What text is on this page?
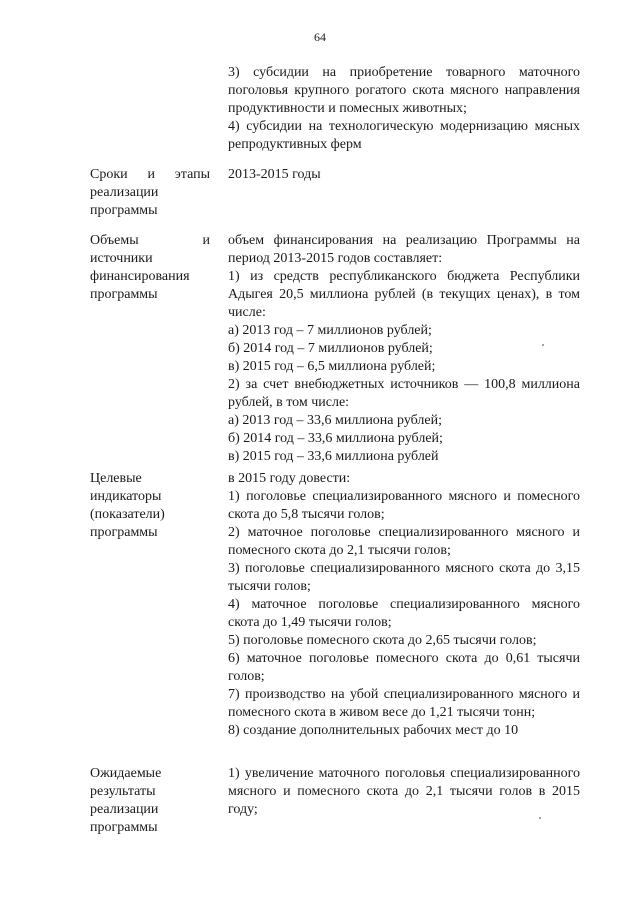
64

3) субсидии на приобретение товарного маточного поголовья крупного рогатого скота мясного направления продуктивности и помесных животных;

4) субсидии на технологическую модернизацию мясных репродуктивных ферм

Сроки и этапы реализации программы

2013-2015 годы

Объемы и источники финансирования программы

объем финансирования на реализацию Программы на период 2013-2015 годов составляет:

1) из средств республиканского бюджета Республики Адыгея 20,5 миллиона рублей (в текущих ценах), в том числе:

а) 2013 год – 7 миллионов рублей;

б) 2014 год – 7 миллионов рублей;

в) 2015 год – 6,5 миллиона рублей;

2) за счет внебюджетных источников — 100,8 миллиона рублей, в том числе:

а) 2013 год – 33,6 миллиона рублей;

б) 2014 год – 33,6 миллиона рублей;

в) 2015 год – 33,6 миллиона рублей

Целевые индикаторы (показатели) программы

в 2015 году довести:

1) поголовье специализированного мясного и помесного скота до 5,8 тысячи голов;

2) маточное поголовье специализированного мясного и помесного скота до 2,1 тысячи голов;

3) поголовье специализированного мясного скота до 3,15 тысячи голов;

4) маточное поголовье специализированного мясного скота до 1,49 тысячи голов;

5) поголовье помесного скота до 2,65 тысячи голов;

6) маточное поголовье помесного скота до 0,61 тысячи голов;

7) производство на убой специализированного мясного и помесного скота в живом весе до 1,21 тысячи тонн;

8) создание дополнительных рабочих мест до 10

Ожидаемые результаты реализации программы

1) увеличение маточного поголовья специализированного мясного и помесного скота до 2,1 тысячи голов в 2015 году;
